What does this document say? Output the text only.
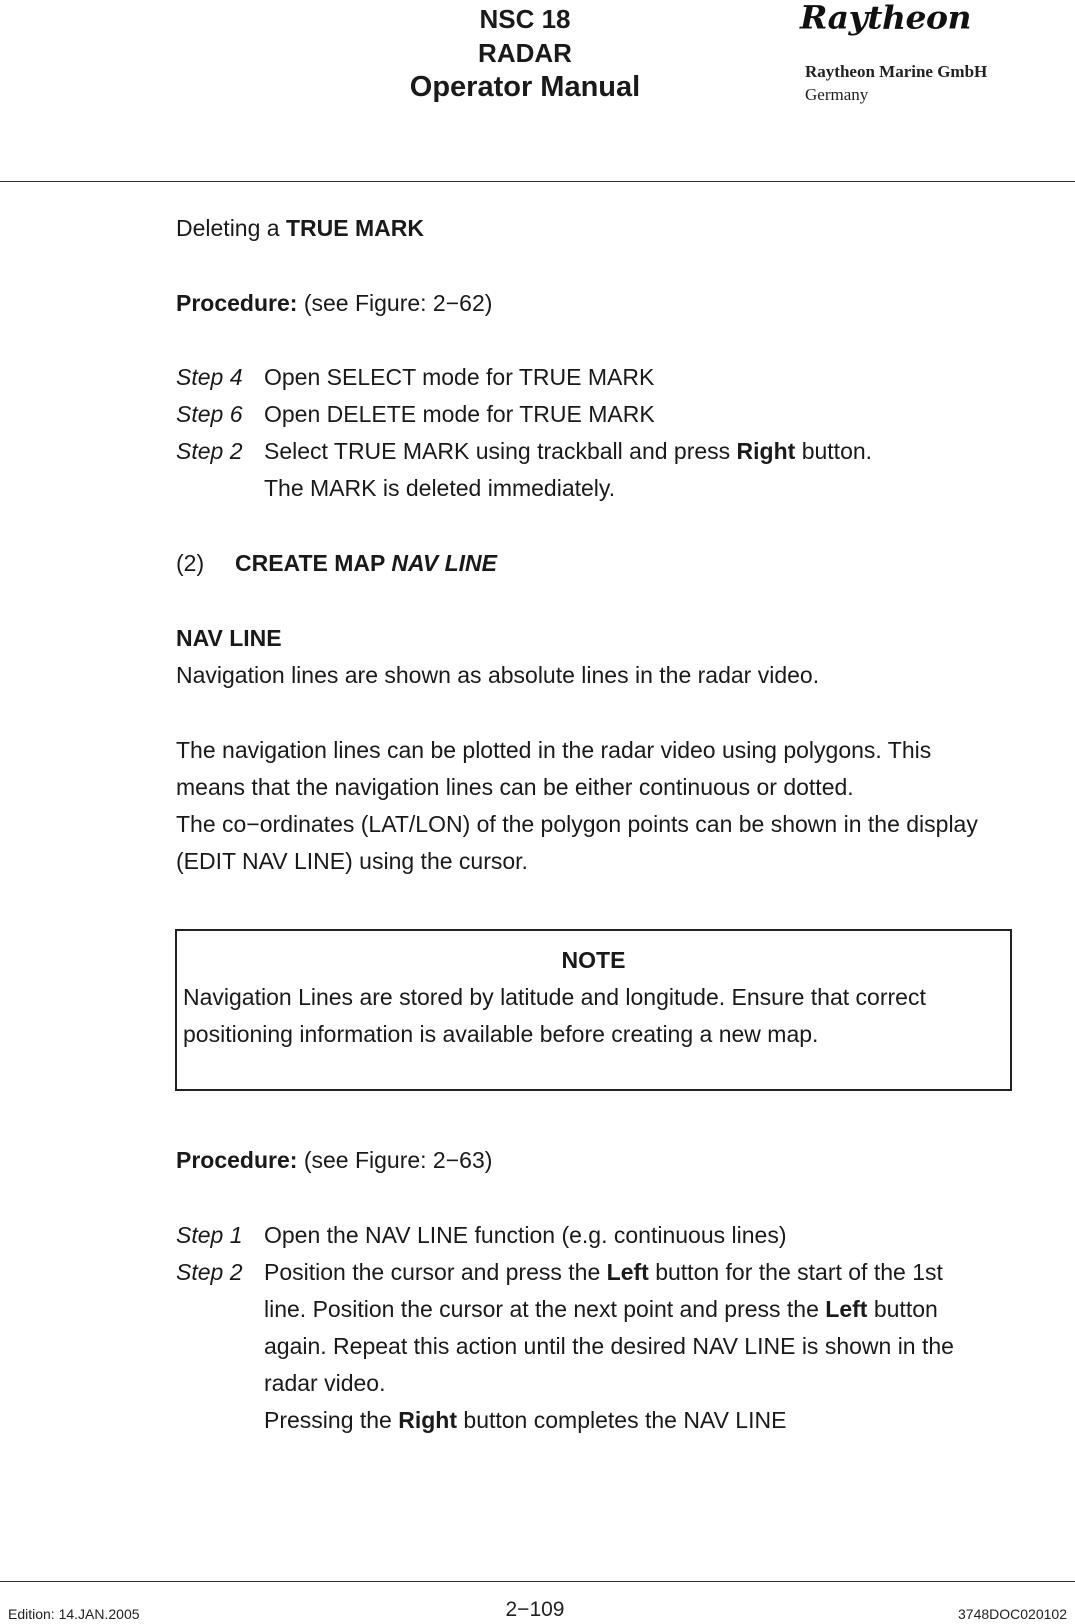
NSC 18
RADAR
Operator Manual
Raytheon
Raytheon Marine GmbH
Germany
Deleting a TRUE MARK
Procedure: (see Figure: 2−62)
Step 4 Open SELECT mode for TRUE MARK
Step 6 Open DELETE mode for TRUE MARK
Step 2 Select TRUE MARK using trackball and press Right button.
The MARK is deleted immediately.
(2) CREATE MAP NAV LINE
NAV LINE
Navigation lines are shown as absolute lines in the radar video.
The navigation lines can be plotted in the radar video using polygons. This
means that the navigation lines can be either continuous or dotted.
The co−ordinates (LAT/LON) of the polygon points can be shown in the display
(EDIT NAV LINE) using the cursor.
NOTE
Navigation Lines are stored by latitude and longitude. Ensure that correct
positioning information is available before creating a new map.
Procedure: (see Figure: 2−63)
Step 1 Open the NAV LINE function (e.g. continuous lines)
Step 2 Position the cursor and press the Left button for the start of the 1st
line. Position the cursor at the next point and press the Left button
again. Repeat this action until the desired NAV LINE is shown in the
radar video.
Pressing the Right button completes the NAV LINE
Edition: 14.JAN.2005	2−109	3748DOC020102
